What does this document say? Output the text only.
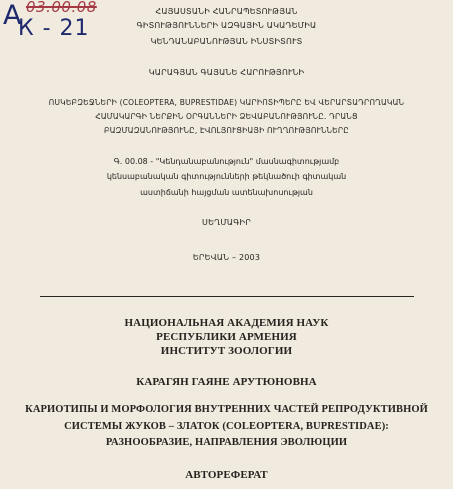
А 03.00.08
К - 21
ՀԱՅԱՍՏԱՆԻ ՀԱՆՐԱՊԵՏՈՒԹՅԱՆ
ԳԻՏՈՒԹՅՈՒՆՆԵՐԻ ԱԶԳԱՅԻՆ ԱԿԱԴԵՄԻԱ
ԿԵՆԴԱՆԱԲԱՆՈՒԹՅԱՆ ԻՆՍՏԻՏՈՒՏ
ԿԱՐԱԳՅԱՆ ԳԱՅԱՆԵ ՀԱՐՈՒԹՅՈՒՆԻ
ՈՍԿԵԲԶԵՋՆԵՐԻ (COLEOPTERA, BUPRESTIDAE) ԿԱՐԻՈՏԻՊԵՐԸ ԵՎ ՎԵՐԱՐՏԱԴՐՈՂԱԿԱՆ
ՀԱՄԱԿԱՐԳԻ ՆԵՐՔԻՆ ՕՐԳԱՆՆԵՐԻ ՁԵՎԱԲԱՆՈՒԹՅՈՒՆԸ. ԴՐԱՆՑ
ԲԱԶՄԱԶԱՆՈՒԹՅՈՒՆԸ, ԷՎՈԼՅՈՒՑԻԱՅԻ ՈՒՂՂՈՒԹՅՈՒՆՆԵՐԸ
Գ. 00.08 - "Կենդանաբանություն" մասնագիտությամբ
կենսաբանական գիտությունների թեկնածուի գիտական
աստիճանի հայցման ատենախոսության
ՍԵՂՄԱԳԻՐ
ԵՐԵՎԱՆ – 2003
НАЦИОНАЛЬНАЯ АКАДЕМИЯ НАУК
РЕСПУБЛИКИ АРМЕНИЯ
ИНСТИТУТ ЗООЛОГИИ
КАРАГЯН ГАЯНЕ АРУТЮНОВНА
КАРИОТИПЫ И МОРФОЛОГИЯ ВНУТРЕННИХ ЧАСТЕЙ РЕПРОДУКТИВНОЙ
СИСТЕМЫ ЖУКОВ – ЗЛАТОК (COLEOPTERA, BUPRESTIDAE):
РАЗНООБРАЗИЕ, НАПРАВЛЕНИЯ ЭВОЛЮЦИИ
АВТОРЕФЕРАТ
